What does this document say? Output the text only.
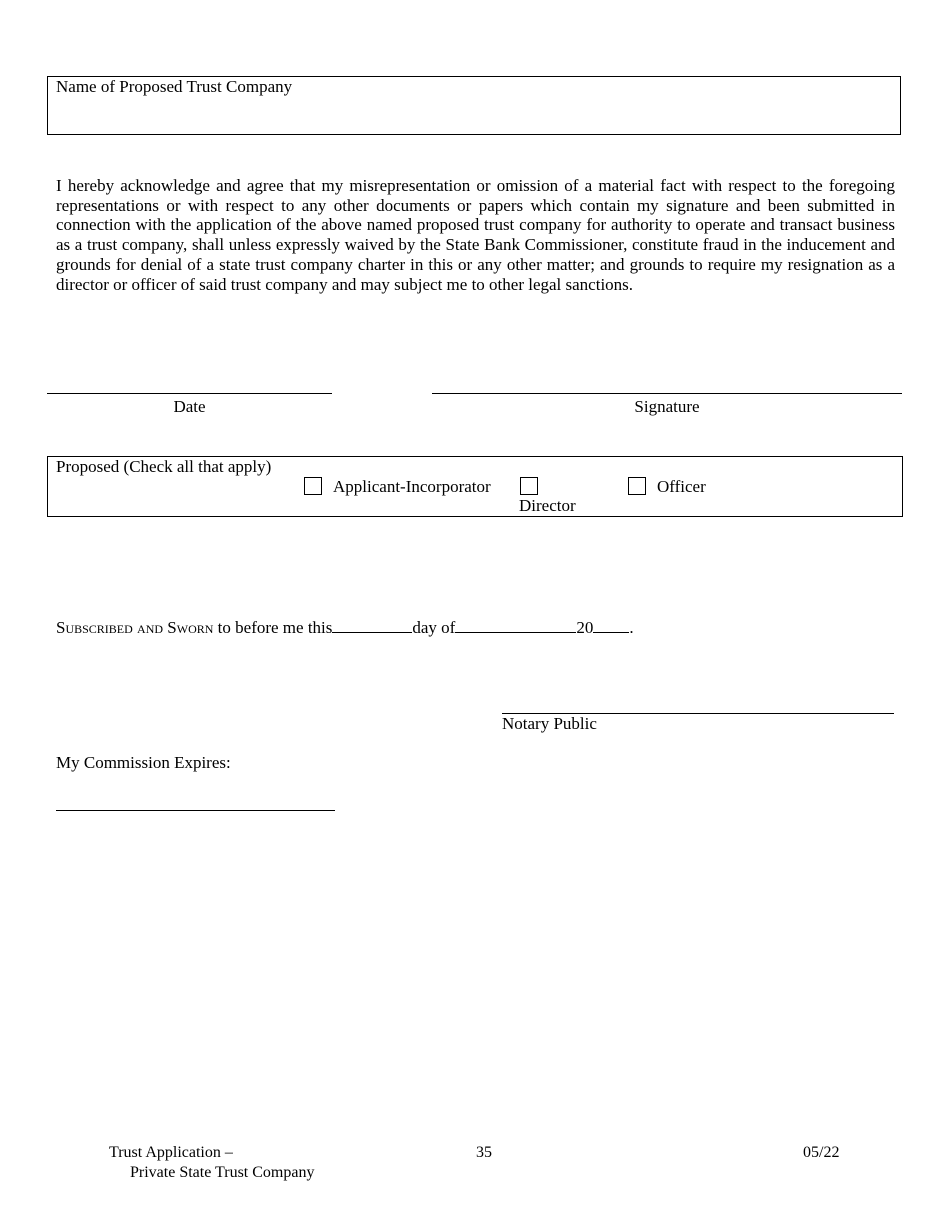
Name of Proposed Trust Company

I hereby acknowledge and agree that my misrepresentation or omission of a material fact with respect to the foregoing representations or with respect to any other documents or papers which contain my signature and been submitted in connection with the application of the above named proposed trust company for authority to operate and transact business as a trust company, shall unless expressly waived by the State Bank Commissioner, constitute fraud in the inducement and grounds for denial of a state trust company charter in this or any other matter; and grounds to require my resignation as a director or officer of said trust company and may subject me to other legal sanctions.

Date	Signature
Proposed (Check all that apply)
Applicant-Incorporator
Director
Officer
Subscribed and Sworn to before me this	day of	20 .
Notary Public
My Commission Expires:
Trust Application –
Private State Trust Company
35	05/22
